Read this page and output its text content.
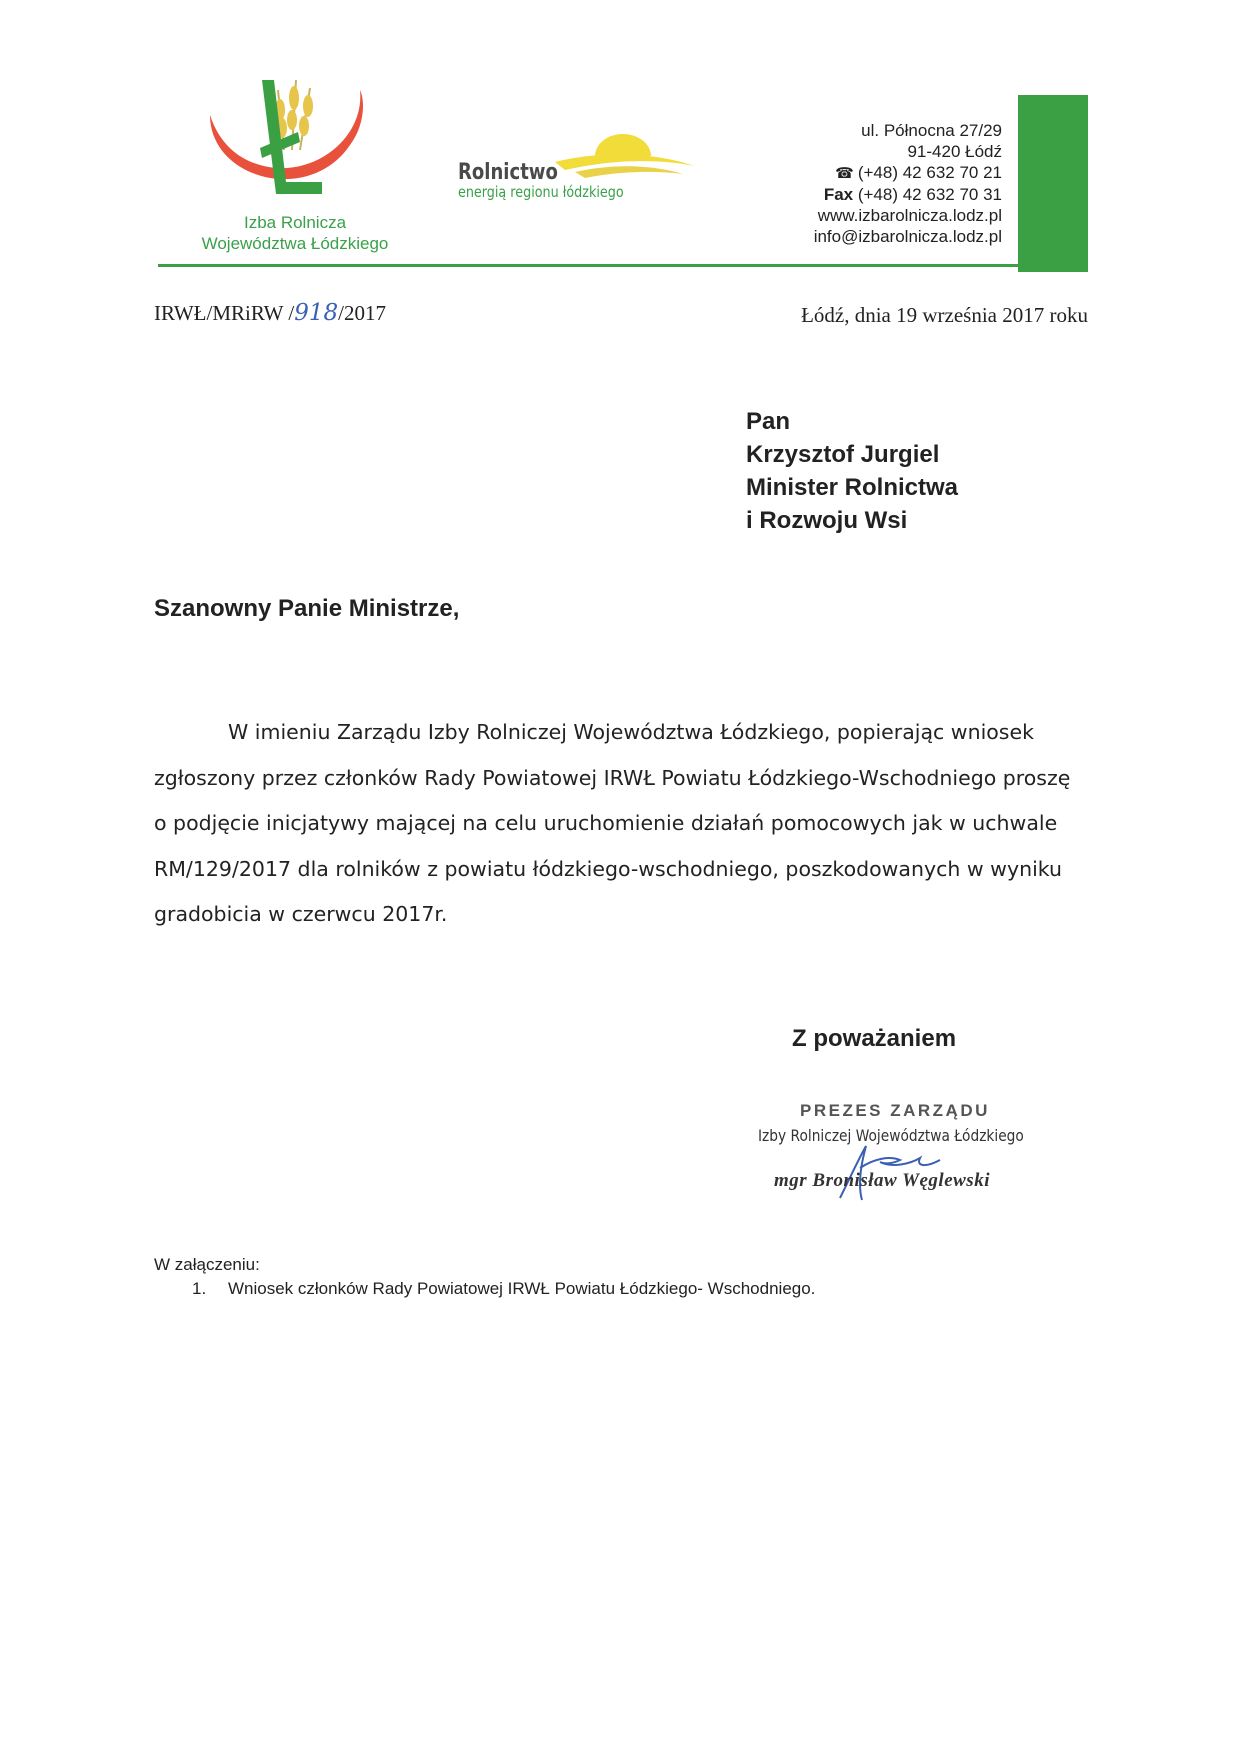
Izba Rolnicza
Województwa Łódzkiego
Rolnictwo
energią regionu łódzkiego
ul. Północna 27/29
91-420 Łódź
☎ (+48) 42 632 70 21
Fax (+48) 42 632 70 31
www.izbarolnicza.lodz.pl
info@izbarolnicza.lodz.pl
IRWŁ/MRiRW /918/2017	Łódź, dnia 19 września 2017 roku
Pan
Krzysztof Jurgiel
Minister Rolnictwa
i Rozwoju Wsi
Szanowny Panie Ministrze,
W imieniu Zarządu Izby Rolniczej Województwa Łódzkiego, popierając wniosek
zgłoszony przez członków Rady Powiatowej IRWŁ Powiatu Łódzkiego-Wschodniego proszę
o podjęcie inicjatywy mającej na celu uruchomienie działań pomocowych jak w uchwale
RM/129/2017 dla rolników z powiatu łódzkiego-wschodniego, poszkodowanych w wyniku
gradobicia w czerwcu 2017r.
Z poważaniem
PREZES ZARZĄDU
Izby Rolniczej Województwa Łódzkiego
mgr Bronisław Węglewski
W załączeniu:
1. Wniosek członków Rady Powiatowej IRWŁ Powiatu Łódzkiego- Wschodniego.
